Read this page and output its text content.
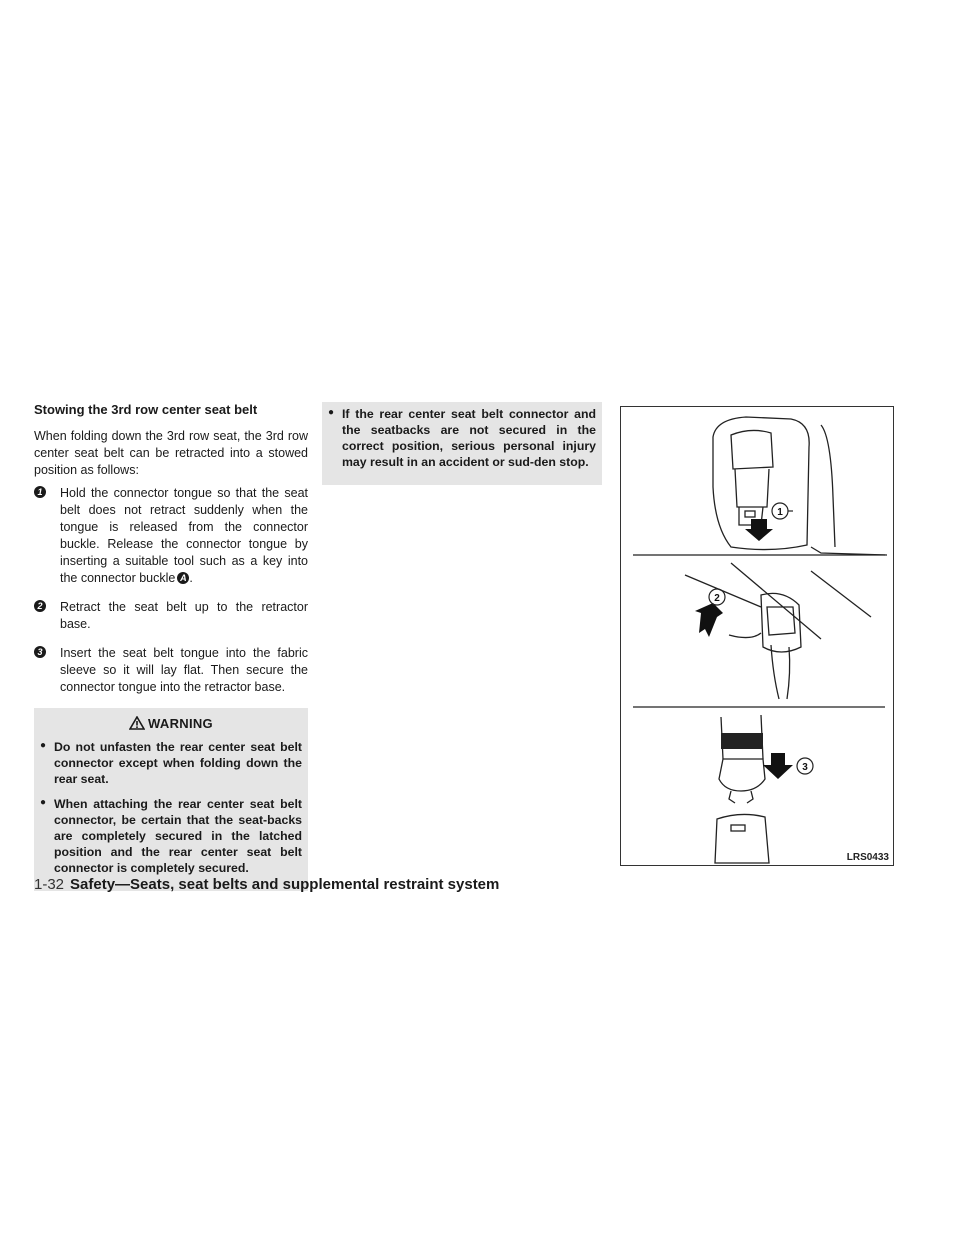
Stowing the 3rd row center seat belt

When folding down the 3rd row seat, the 3rd row center seat belt can be retracted into a stowed position as follows:

1 Hold the connector tongue so that the seat belt does not retract suddenly when the tongue is released from the connector buckle. Release the connector tongue by inserting a suitable tool such as a key into the connector buckle A .
2 Retract the seat belt up to the retractor base.
3 Insert the seat belt tongue into the fabric sleeve so it will lay flat. Then secure the connector tongue into the retractor base.
WARNING
● Do not unfasten the rear center seat belt connector except when folding down the rear seat.
● When attaching the rear center seat belt connector, be certain that the seat-backs are completely secured in the latched position and the rear center seat belt connector is completely secured.
● If the rear center seat belt connector and the seatbacks are not secured in the correct position, serious personal injury may result in an accident or sud-den stop.
1
2
3
LRS0433
1-32 Safety—Seats, seat belts and supplemental restraint system
